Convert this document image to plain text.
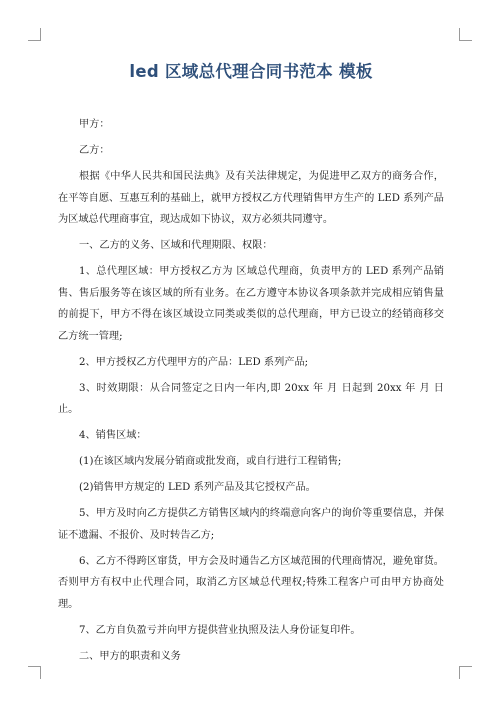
led 区域总代理合同书范本 模板

甲方：

乙方：

根据《中华人民共和国民法典》及有关法律规定，为促进甲乙双方的商务合作，在平等自愿、互惠互利的基础上，就甲方授权乙方代理销售甲方生产的 LED 系列产品为区域总代理商事宜，现达成如下协议，双方必须共同遵守。

一、乙方的义务、区域和代理期限、权限：

1、总代理区域：甲方授权乙方为 区域总代理商，负责甲方的 LED 系列产品销售、售后服务等在该区域的所有业务。在乙方遵守本协议各项条款并完成相应销售量的前提下，甲方不得在该区域设立同类或类似的总代理商，甲方已设立的经销商移交乙方统一管理;

2、甲方授权乙方代理甲方的产品：LED 系列产品;

3、时效期限：从合同签定之日内一年内,即 20xx 年 月 日起到 20xx 年 月 日止。

4、销售区域：

(1)在该区域内发展分销商或批发商，或自行进行工程销售;

(2)销售甲方规定的 LED 系列产品及其它授权产品。

5、甲方及时向乙方提供乙方销售区域内的终端意向客户的询价等重要信息，并保证不遗漏、不报价、及时转告乙方;

6、乙方不得跨区窜货，甲方会及时通告乙方区域范围的代理商情况，避免窜货。否则甲方有权中止代理合同，取消乙方区域总代理权;特殊工程客户可由甲方协商处理。

7、乙方自负盈亏并向甲方提供营业执照及法人身份证复印件。

二、甲方的职责和义务
